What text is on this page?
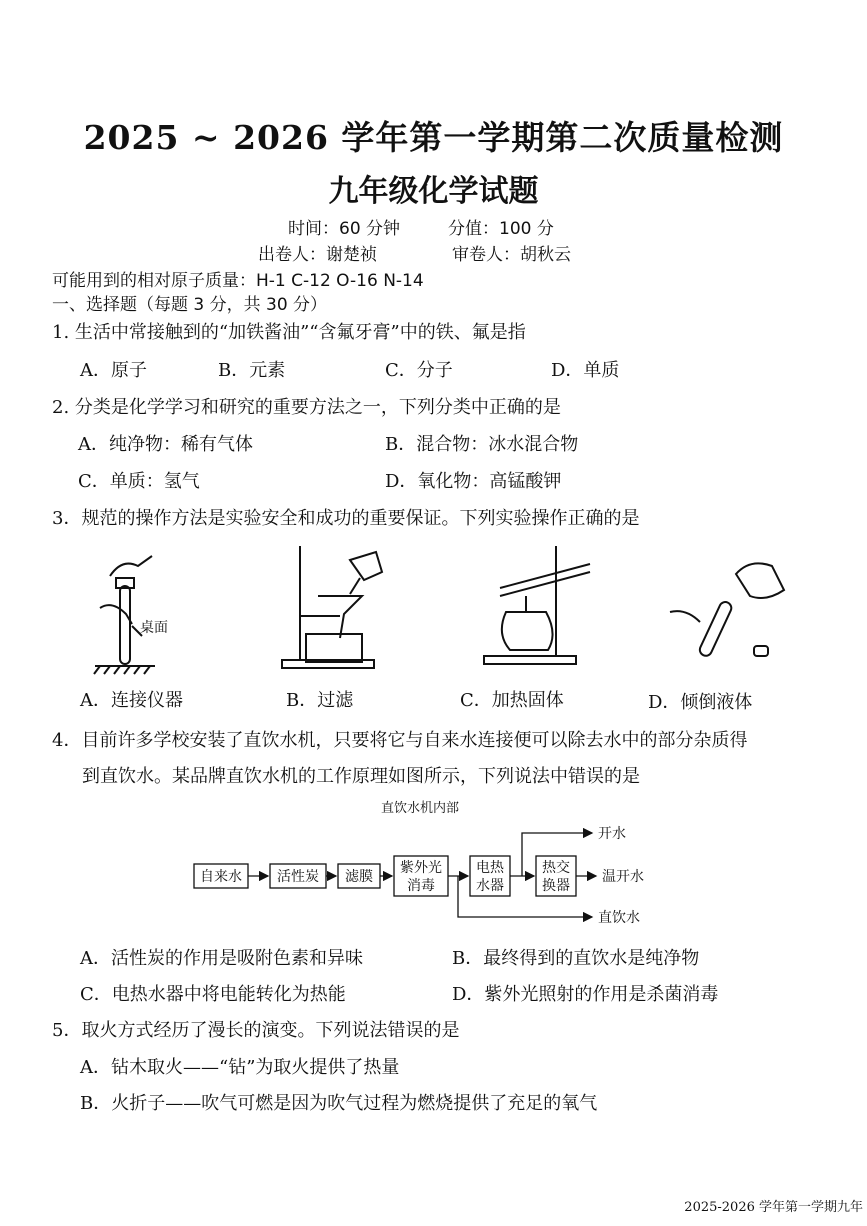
2025 ~ 2026 学年第一学期第二次质量检测
九年级化学试题
时间：60 分钟	分值：100 分
出卷人：谢楚祯	审卷人：胡秋云
可能用到的相对原子质量：H-1 C-12 O-16 N-14
一、选择题（每题 3 分，共 30 分）
1. 生活中常接触到的“加铁酱油”“含氟牙膏”中的铁、氟是指
A．原子	B．元素	C．分子	D．单质
2. 分类是化学学习和研究的重要方法之一，下列分类中正确的是
A．纯净物：稀有气体	B．混合物：冰水混合物
C．单质：氢气	D．氧化物：高锰酸钾
3．规范的操作方法是实验安全和成功的重要保证。下列实验操作正确的是
桌面
A．连接仪器	B．过滤	C．加热固体	D．倾倒液体
4．目前许多学校安装了直饮水机，只要将它与自来水连接便可以除去水中的部分杂质得
到直饮水。某品牌直饮水机的工作原理如图所示，下列说法中错误的是
直饮水机内部
自来水	活性炭 滤膜
紫外光
消毒
电热
水器
热交
换器
开水
温开水
直饮水
A．活性炭的作用是吸附色素和异味	B．最终得到的直饮水是纯净物
C．电热水器中将电能转化为热能	D．紫外光照射的作用是杀菌消毒
5．取火方式经历了漫长的演变。下列说法错误的是
A．钻木取火——“钻”为取火提供了热量
B．火折子——吹气可燃是因为吹气过程为燃烧提供了充足的氧气
2025-2026 学年第一学期九年
